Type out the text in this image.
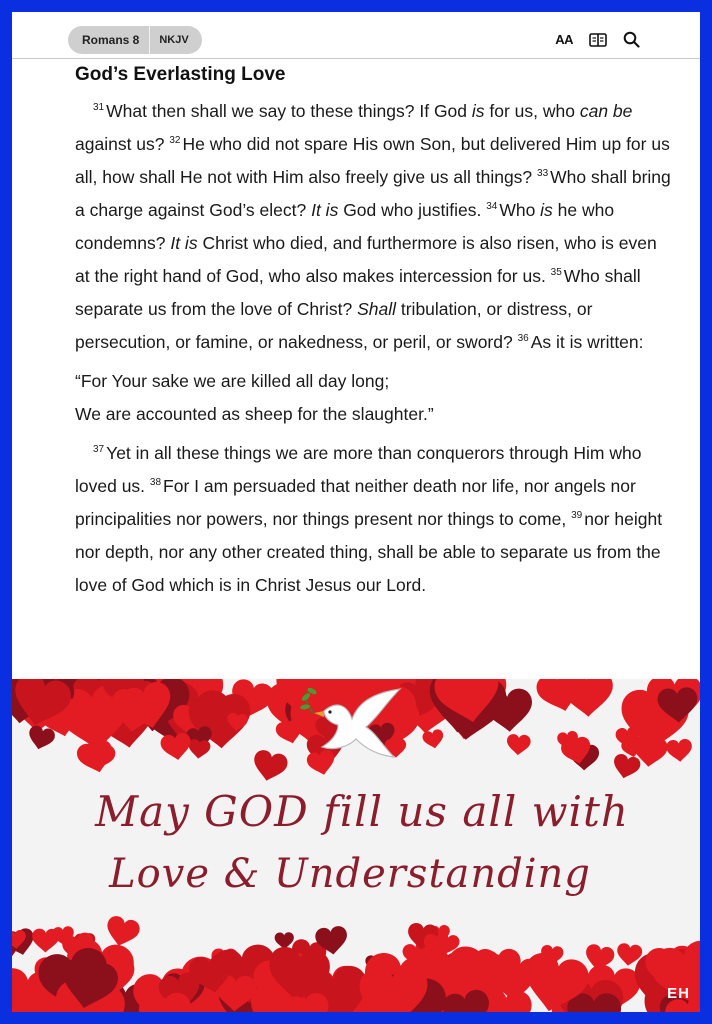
Romans 8	NKJV	AA
God’s Everlasting Love

$^{31}$ What then shall we say to these things? If God is for us, who can be against us? $^{32}$ He who did not spare His own Son, but delivered Him up for us all, how shall He not with Him also freely give us all things? $^{33}$ Who shall bring a charge against God’s elect? It is God who justifies. $^{34}$ Who is he who condemns? It is Christ who died, and furthermore is also risen, who is even at the right hand of God, who also makes intercession for us. $^{35}$ Who shall separate us from the love of Christ? Shall tribulation, or distress, or persecution, or famine, or nakedness, or peril, or sword? $^{36}$ As it is written:

“For Your sake we are killed all day long;
We are accounted as sheep for the slaughter.”

$^{37}$ Yet in all these things we are more than conquerors through Him who loved us. $^{38}$ For I am persuaded that neither death nor life, nor angels nor principalities nor powers, nor things present nor things to come, $^{39}$ nor height nor depth, nor any other created thing, shall be able to separate us from the love of God which is in Christ Jesus our Lord.

May GOD fill us all with
Love & Understanding
EH
